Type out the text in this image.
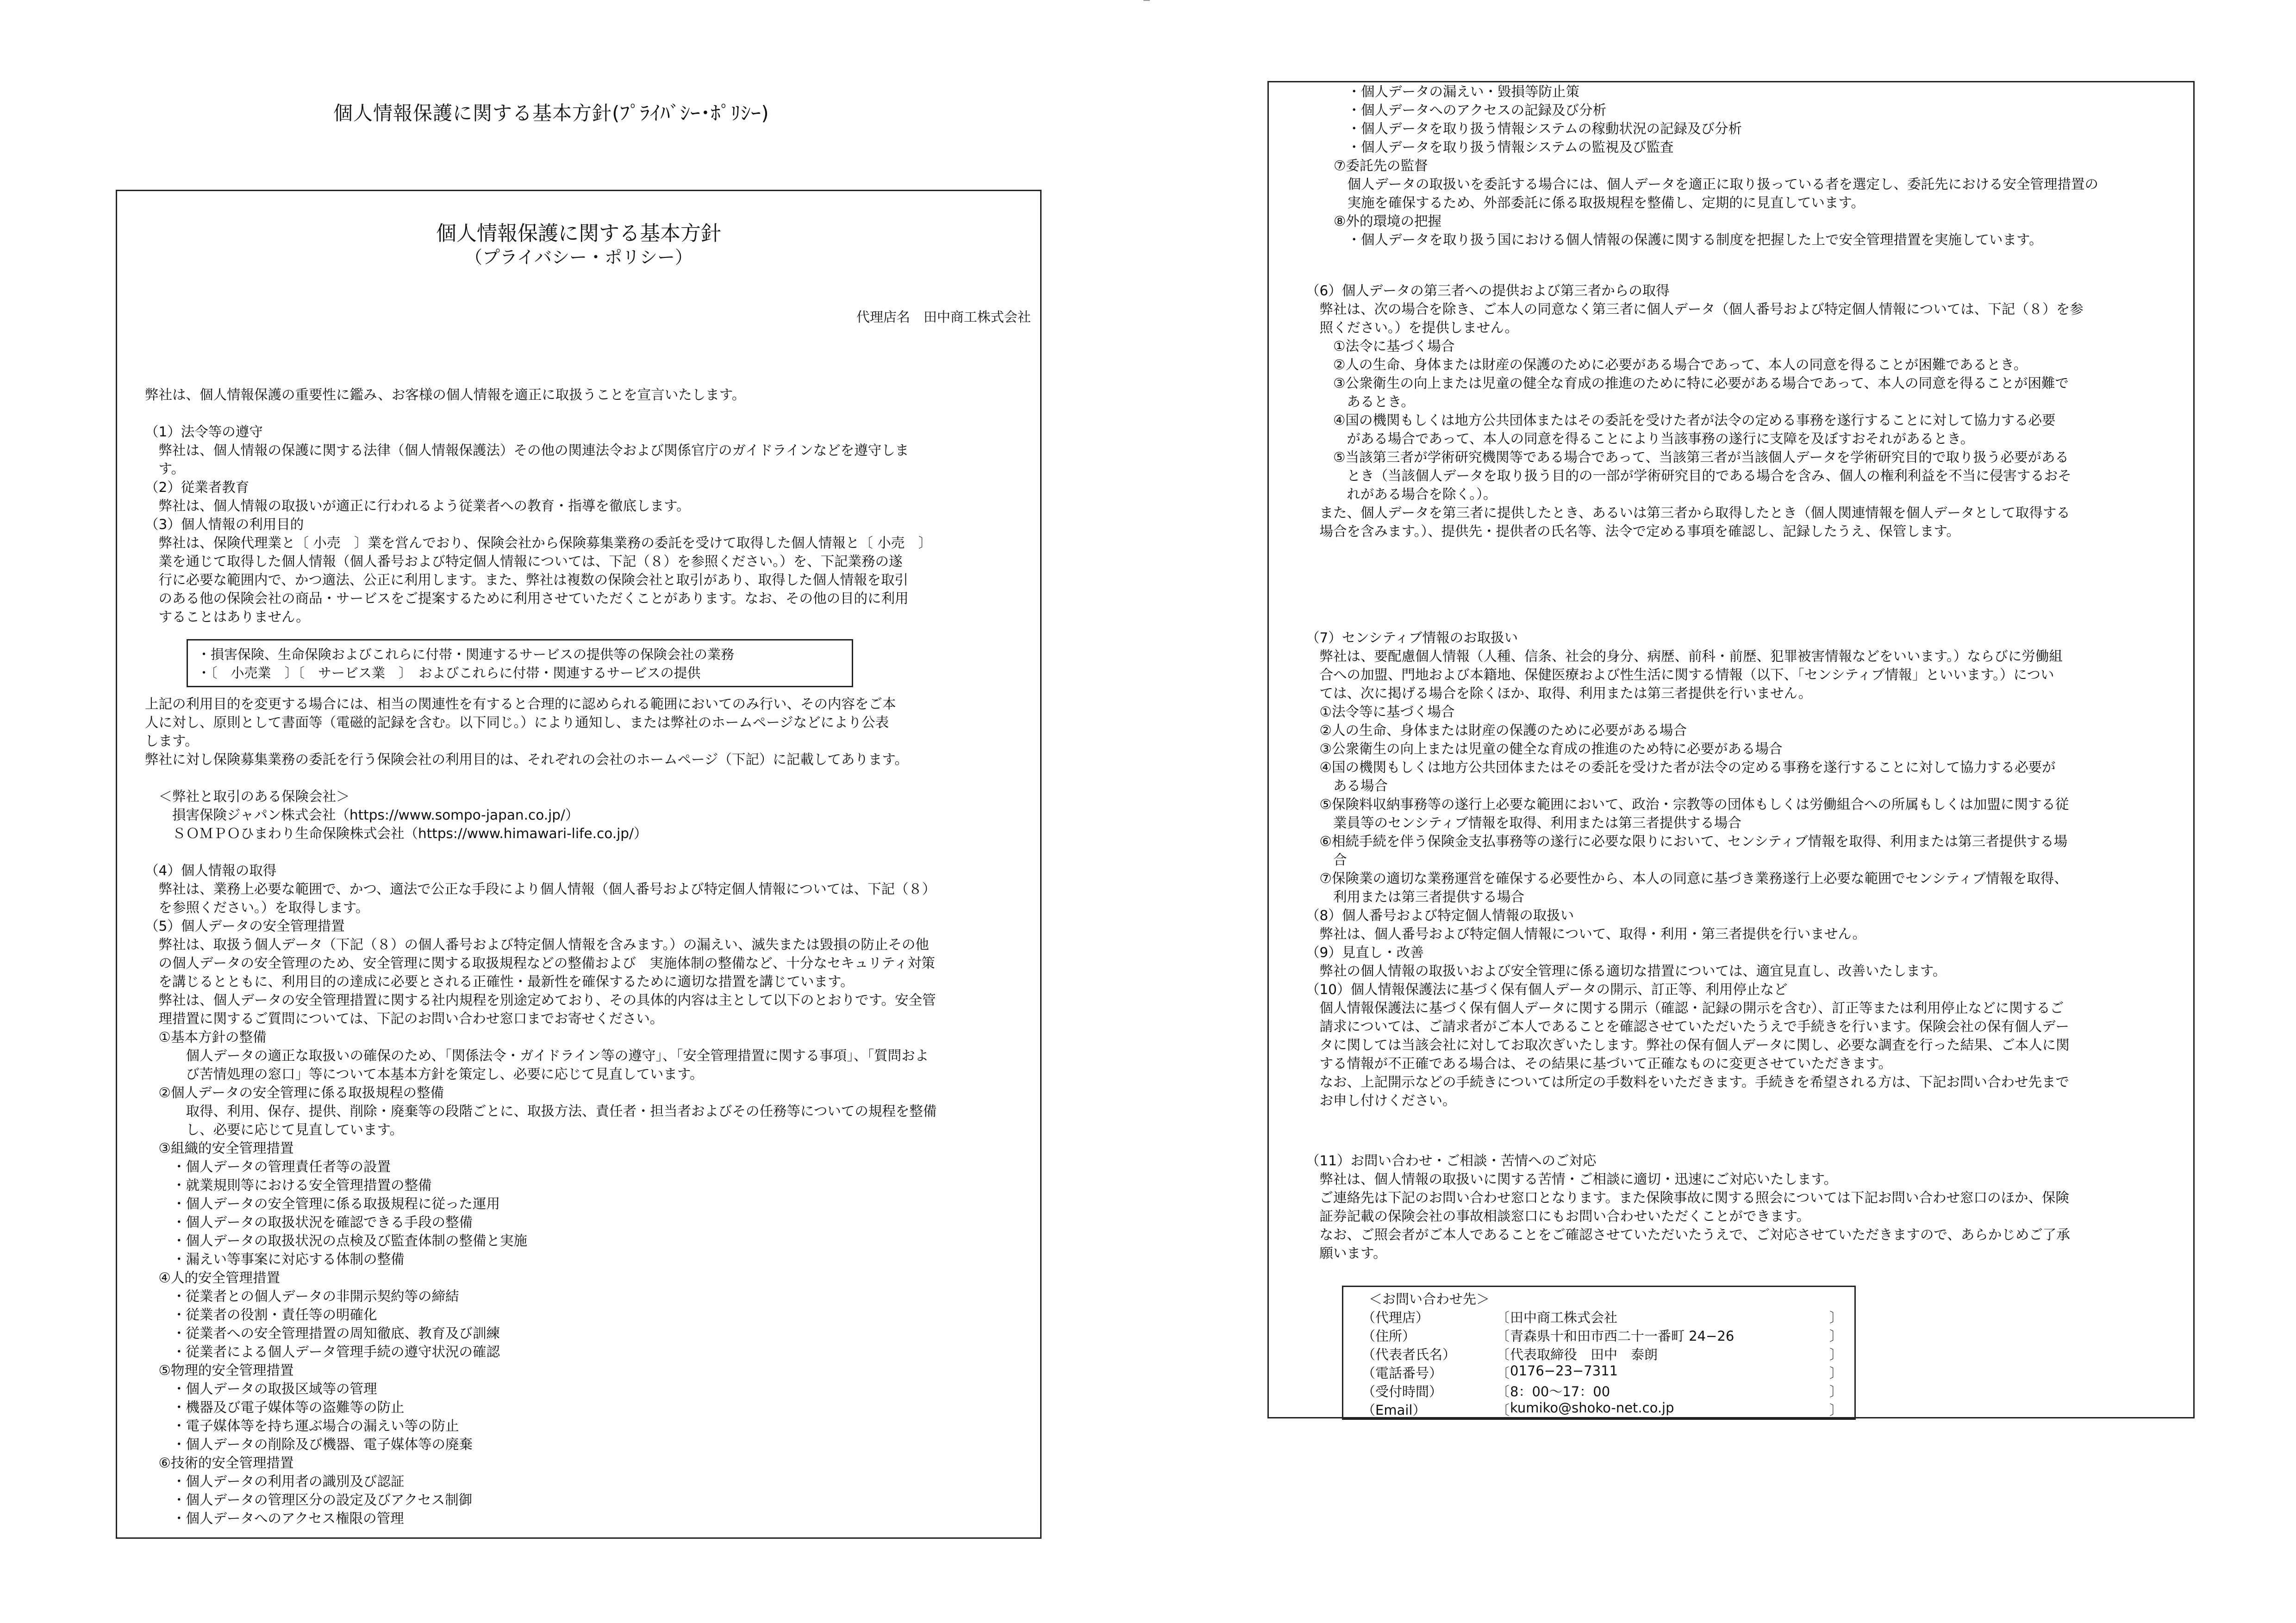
個人情報保護に関する基本方針(ﾌﾟﾗｲﾊﾞｼｰ･ﾎﾟﾘｼｰ)
個人情報保護に関する基本方針
（プライバシー・ポリシー）
代理店名　田中商工株式会社
弊社は、個人情報保護の重要性に鑑み、お客様の個人情報を適正に取扱うことを宣言いたします。
（1）法令等の遵守
　弊社は、個人情報の保護に関する法律（個人情報保護法）その他の関連法令および関係官庁のガイドラインなどを遵守しま
　す。
（2）従業者教育
　弊社は、個人情報の取扱いが適正に行われるよう従業者への教育・指導を徹底します。
（3）個人情報の利用目的
　弊社は、保険代理業と〔 小売　〕業を営んでおり、保険会社から保険募集業務の委託を受けて取得した個人情報と〔 小売　〕
　業を通じて取得した個人情報（個人番号および特定個人情報については、下記（８）を参照ください。）を、下記業務の遂
　行に必要な範囲内で、かつ適法、公正に利用します。また、弊社は複数の保険会社と取引があり、取得した個人情報を取引
　のある他の保険会社の商品・サービスをご提案するために利用させていただくことがあります。なお、その他の目的に利用
　することはありません。
・損害保険、生命保険およびこれらに付帯・関連するサービスの提供等の保険会社の業務
・〔　小売業　〕〔　サービス業　〕　およびこれらに付帯・関連するサービスの提供
上記の利用目的を変更する場合には、相当の関連性を有すると合理的に認められる範囲においてのみ行い、その内容をご本
人に対し、原則として書面等（電磁的記録を含む。以下同じ。）により通知し、または弊社のホームページなどにより公表
します。
弊社に対し保険募集業務の委託を行う保険会社の利用目的は、それぞれの会社のホームページ（下記）に記載してあります。
　＜弊社と取引のある保険会社＞
　　損害保険ジャパン株式会社（https://www.sompo-japan.co.jp/）
　　ＳＯＭＰＯひまわり生命保険株式会社（https://www.himawari-life.co.jp/）
（4）個人情報の取得
　弊社は、業務上必要な範囲で、かつ、適法で公正な手段により個人情報（個人番号および特定個人情報については、下記（８）
　を参照ください。）を取得します。
（5）個人データの安全管理措置
　弊社は、取扱う個人データ（下記（８）の個人番号および特定個人情報を含みます。）の漏えい、滅失または毀損の防止その他
　の個人データの安全管理のため、安全管理に関する取扱規程などの整備および　実施体制の整備など、十分なセキュリティ対策
　を講じるとともに、利用目的の達成に必要とされる正確性・最新性を確保するために適切な措置を講じています。
　弊社は、個人データの安全管理措置に関する社内規程を別途定めており、その具体的内容は主として以下のとおりです。安全管
　理措置に関するご質問については、下記のお問い合わせ窓口までお寄せください。
　①基本方針の整備
　　　個人データの適正な取扱いの確保のため、「関係法令・ガイドライン等の遵守」、「安全管理措置に関する事項」、「質問およ
　　　び苦情処理の窓口」等について本基本方針を策定し、必要に応じて見直しています。
　②個人データの安全管理に係る取扱規程の整備
　　　取得、利用、保存、提供、削除・廃棄等の段階ごとに、取扱方法、責任者・担当者およびその任務等についての規程を整備
　　　し、必要に応じて見直しています。
　③組織的安全管理措置
　　・個人データの管理責任者等の設置
　　・就業規則等における安全管理措置の整備
　　・個人データの安全管理に係る取扱規程に従った運用
　　・個人データの取扱状況を確認できる手段の整備
　　・個人データの取扱状況の点検及び監査体制の整備と実施
　　・漏えい等事案に対応する体制の整備
　④人的安全管理措置
　　・従業者との個人データの非開示契約等の締結
　　・従業者の役割・責任等の明確化
　　・従業者への安全管理措置の周知徹底、教育及び訓練
　　・従業者による個人データ管理手続の遵守状況の確認
　⑤物理的安全管理措置
　　・個人データの取扱区域等の管理
　　・機器及び電子媒体等の盗難等の防止
　　・電子媒体等を持ち運ぶ場合の漏えい等の防止
　　・個人データの削除及び機器、電子媒体等の廃棄
　⑥技術的安全管理措置
　　・個人データの利用者の識別及び認証
　　・個人データの管理区分の設定及びアクセス制御
　　・個人データへのアクセス権限の管理
　・個人データの漏えい・毀損等防止策
　・個人データへのアクセスの記録及び分析
　・個人データを取り扱う情報システムの稼動状況の記録及び分析
　・個人データを取り扱う情報システムの監視及び監査
⑦委託先の監督
　個人データの取扱いを委託する場合には、個人データを適正に取り扱っている者を選定し、委託先における安全管理措置の
　実施を確保するため、外部委託に係る取扱規程を整備し、定期的に見直しています。
⑧外的環境の把握
　・個人データを取り扱う国における個人情報の保護に関する制度を把握した上で安全管理措置を実施しています。
（6）個人データの第三者への提供および第三者からの取得
　弊社は、次の場合を除き、ご本人の同意なく第三者に個人データ（個人番号および特定個人情報については、下記（８）を参
　照ください。）を提供しません。
　　①法令に基づく場合
　　②人の生命、身体または財産の保護のために必要がある場合であって、本人の同意を得ることが困難であるとき。
　　③公衆衛生の向上または児童の健全な育成の推進のために特に必要がある場合であって、本人の同意を得ることが困難で
　　　あるとき。
　　④国の機関もしくは地方公共団体またはその委託を受けた者が法令の定める事務を遂行することに対して協力する必要
　　　がある場合であって、本人の同意を得ることにより当該事務の遂行に支障を及ぼすおそれがあるとき。
　　⑤当該第三者が学術研究機関等である場合であって、当該第三者が当該個人データを学術研究目的で取り扱う必要がある
　　　とき（当該個人データを取り扱う目的の一部が学術研究目的である場合を含み、個人の権利利益を不当に侵害するおそ
　　　れがある場合を除く。）。
　また、個人データを第三者に提供したとき、あるいは第三者から取得したとき（個人関連情報を個人データとして取得する
　場合を含みます。）、提供先・提供者の氏名等、法令で定める事項を確認し、記録したうえ、保管します。
（7）センシティブ情報のお取扱い
　弊社は、要配慮個人情報（人種、信条、社会的身分、病歴、前科・前歴、犯罪被害情報などをいいます。）ならびに労働組
　合への加盟、門地および本籍地、保健医療および性生活に関する情報（以下、「センシティブ情報」といいます。）につい
　ては、次に掲げる場合を除くほか、取得、利用または第三者提供を行いません。
　①法令等に基づく場合
　②人の生命、身体または財産の保護のために必要がある場合
　③公衆衛生の向上または児童の健全な育成の推進のため特に必要がある場合
　④国の機関もしくは地方公共団体またはその委託を受けた者が法令の定める事務を遂行することに対して協力する必要が
　　ある場合
　⑤保険料収納事務等の遂行上必要な範囲において、政治・宗教等の団体もしくは労働組合への所属もしくは加盟に関する従
　　業員等のセンシティブ情報を取得、利用または第三者提供する場合
　⑥相続手続を伴う保険金支払事務等の遂行に必要な限りにおいて、センシティブ情報を取得、利用または第三者提供する場
　　合
　⑦保険業の適切な業務運営を確保する必要性から、本人の同意に基づき業務遂行上必要な範囲でセンシティブ情報を取得、
　　利用または第三者提供する場合
（8）個人番号および特定個人情報の取扱い
　弊社は、個人番号および特定個人情報について、取得・利用・第三者提供を行いません。
（9）見直し・改善
　弊社の個人情報の取扱いおよび安全管理に係る適切な措置については、適宜見直し、改善いたします。
（10）個人情報保護法に基づく保有個人データの開示、訂正等、利用停止など
　個人情報保護法に基づく保有個人データに関する開示（確認・記録の開示を含む）、訂正等または利用停止などに関するご
　請求については、ご請求者がご本人であることを確認させていただいたうえで手続きを行います。保険会社の保有個人デー
　タに関しては当該会社に対してお取次ぎいたします。弊社の保有個人データに関し、必要な調査を行った結果、ご本人に関
　する情報が不正確である場合は、その結果に基づいて正確なものに変更させていただきます。
　なお、上記開示などの手続きについては所定の手数料をいただきます。手続きを希望される方は、下記お問い合わせ先まで
　お申し付けください。
（11）お問い合わせ・ご相談・苦情へのご対応
　弊社は、個人情報の取扱いに関する苦情・ご相談に適切・迅速にご対応いたします。
　ご連絡先は下記のお問い合わせ窓口となります。また保険事故に関する照会については下記お問い合わせ窓口のほか、保険
　証券記載の保険会社の事故相談窓口にもお問い合わせいただくことができます。
　なお、ご照会者がご本人であることをご確認させていただいたうえで、ご対応させていただきますので、あらかじめご了承
　願います。
＜お問い合わせ先＞
（代理店）	〔 田中商工株式会社	〕
（住所）	〔 青森県十和田市西二十一番町 24−26	〕
（代表者氏名）	〔 代表取締役　田中　泰朗	〕
（電話番号）	〔 0176−23−7311	〕
（受付時間）	〔 8：00〜17：00	〕
（Email）	〔 kumiko@shoko-net.co.jp	〕
